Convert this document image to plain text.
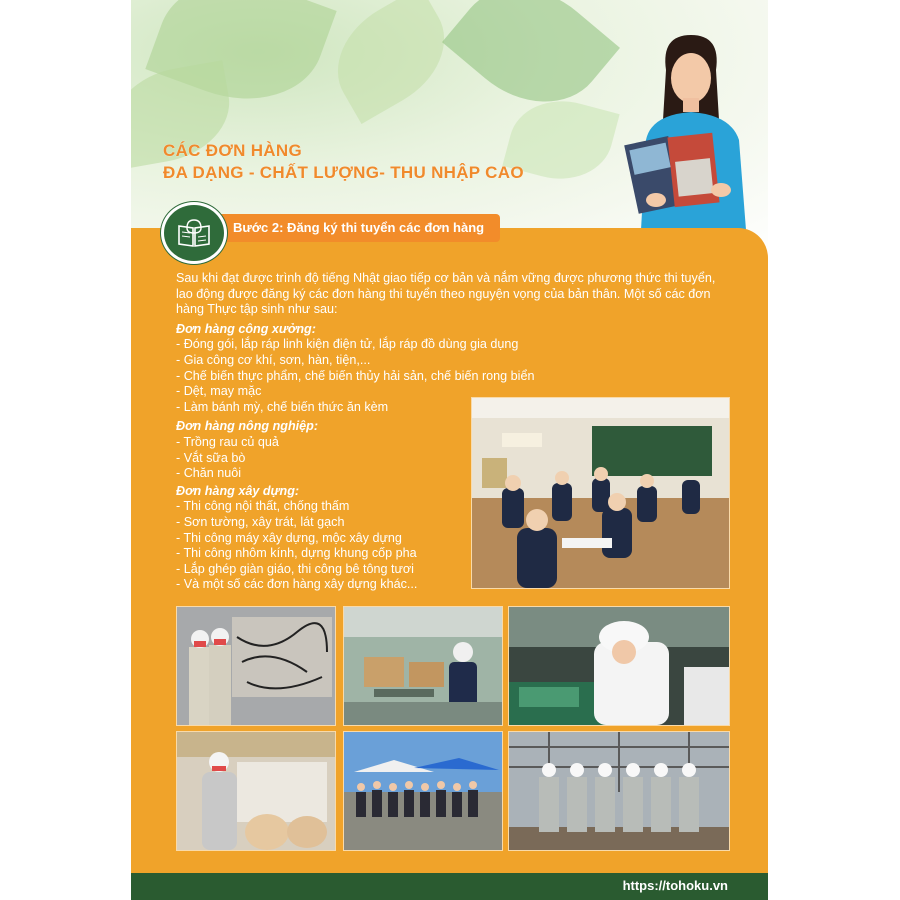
CÁC ĐƠN HÀNG
ĐA DẠNG - CHẤT LƯỢNG- THU NHẬP CAO
Bước 2: Đăng ký thi tuyển các đơn hàng

Sau khi đạt được trình độ tiếng Nhật giao tiếp cơ bản và nắm vững được phương thức thi tuyển, lao động được đăng ký các đơn hàng thi tuyển theo nguyện vọng của bản thân. Một số các đơn hàng Thực tập sinh như sau:

Đơn hàng công xưởng:
- Đóng gói, lắp ráp linh kiện điện tử, lắp ráp đồ dùng gia dụng
- Gia công cơ khí, sơn, hàn, tiện,...
- Chế biến thực phẩm, chế biến thủy hải sản, chế biến rong biển
- Dệt, may mặc
- Làm bánh mỳ, chế biến thức ăn kèm
Đơn hàng nông nghiệp:
- Trồng rau củ quả
- Vắt sữa bò
- Chăn nuôi
Đơn hàng xây dựng:
- Thi công nội thất, chống thấm
- Sơn tường, xây trát, lát gạch
- Thi công máy xây dựng, mộc xây dựng
- Thi công nhôm kính, dựng khung cốp pha
- Lắp ghép giàn giáo, thi công bê tông tươi
- Và một số các đơn hàng xây dựng khác...
https://tohoku.vn
